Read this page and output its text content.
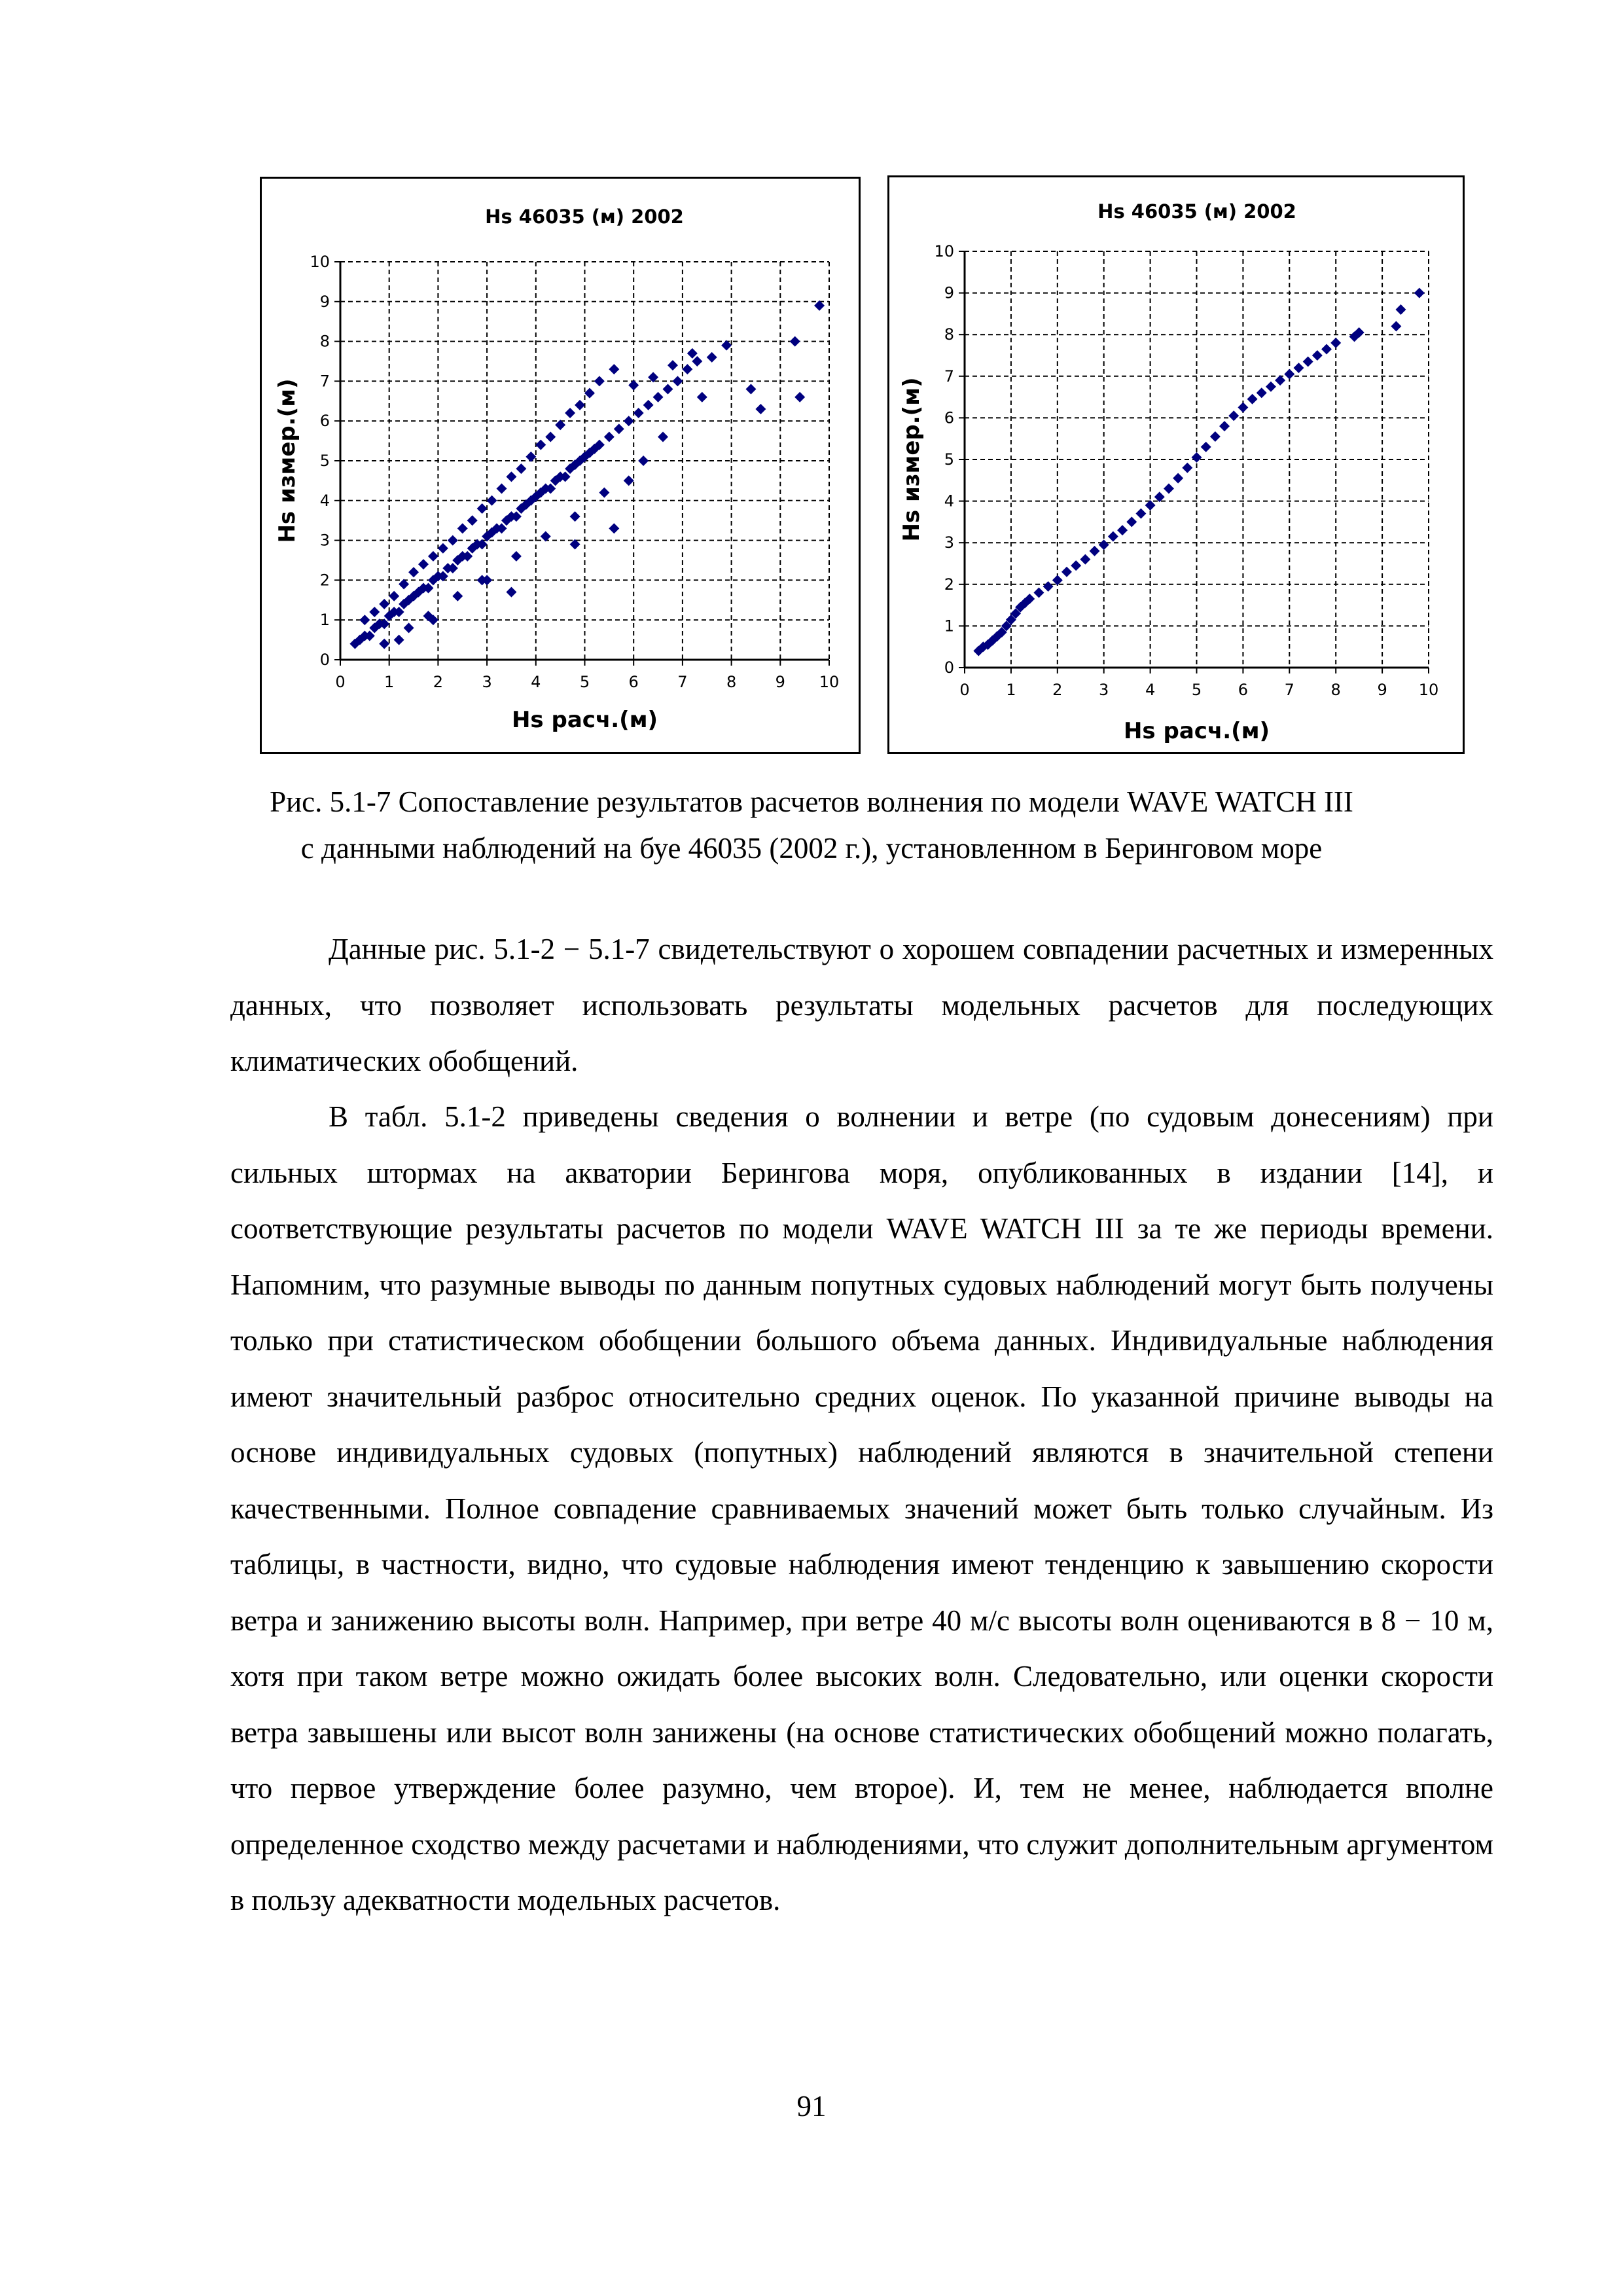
Hs 46035 (м) 2002
0 1 2 3 4 5 6 7 8 9 10
0
1
2
3
4
5
6
7
8
9
10
Hs расч.(м)
Hs измер.(м)
Hs 46035 (м) 2002
0 1 2 3 4 5 6 7 8 9 10
0
1
2
3
4
5
6
7
8
9
10
Hs расч.(м)
Hs измер.(м)
Рис. 5.1-7 Сопоставление результатов расчетов волнения по модели WAVE WATCH III
с данными наблюдений на буе 46035 (2002 г.), установленном в Беринговом море

Данные рис. 5.1-2 − 5.1-7 свидетельствуют о хорошем совпадении расчетных и измеренных данных, что позволяет использовать результаты модельных расчетов для последующих климатических обобщений.

В табл. 5.1-2 приведены сведения о волнении и ветре (по судовым донесениям) при сильных штормах на акватории Берингова моря, опубликованных в издании [14], и соответствующие результаты расчетов по модели WAVE WATCH III за те же периоды времени. Напомним, что разумные выводы по данным попутных судовых наблюдений могут быть получены только при статистическом обобщении большого объема данных. Индивидуальные наблюдения имеют значительный разброс относительно средних оценок. По указанной причине выводы на основе индивидуальных судовых (попутных) наблюдений являются в значительной степени качественными. Полное совпадение сравниваемых значений может быть только случайным. Из таблицы, в частности, видно, что судовые наблюдения имеют тенденцию к завышению скорости ветра и занижению высоты волн. Например, при ветре 40 м/с высоты волн оцениваются в 8 − 10 м, хотя при таком ветре можно ожидать более высоких волн. Следовательно, или оценки скорости ветра завышены или высот волн занижены (на основе статистических обобщений можно полагать, что первое утверждение более разумно, чем второе). И, тем не менее, наблюдается вполне определенное сходство между расчетами и наблюдениями, что служит дополнительным аргументом в пользу адекватности модельных расчетов.

91
